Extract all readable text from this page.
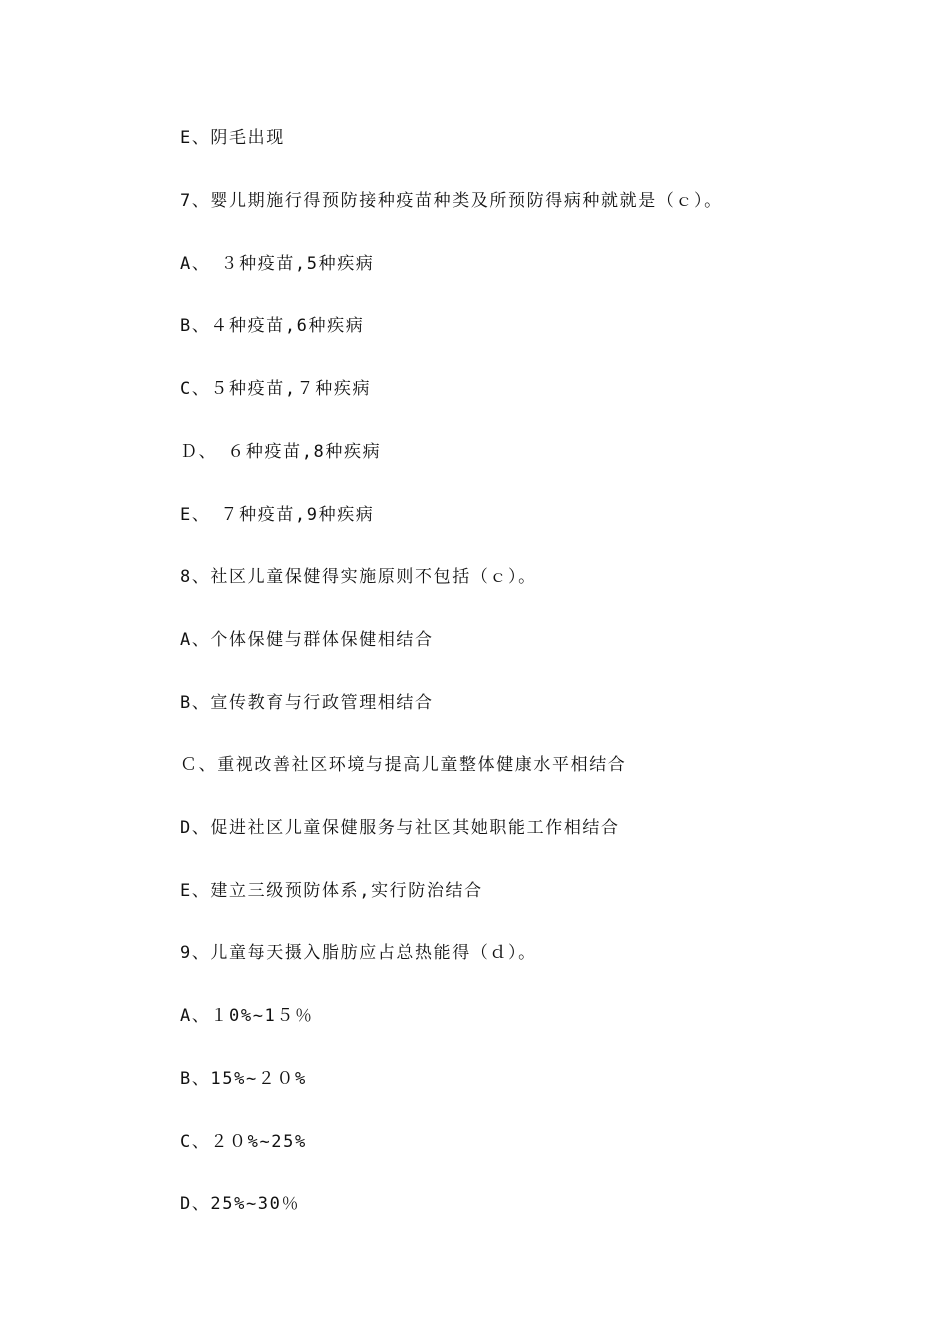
E、阴毛出现
7、婴儿期施行得预防接种疫苗种类及所预防得病种就就是（ｃ）。
A、　３种疫苗,5种疾病
B、４种疫苗,6种疾病
C、５种疫苗,７种疾病
Ｄ、　６种疫苗,8种疾病
E、　７种疫苗,9种疾病
8、社区儿童保健得实施原则不包括（ｃ）。
A、个体保健与群体保健相结合
B、宣传教育与行政管理相结合
Ｃ、重视改善社区环境与提高儿童整体健康水平相结合
D、促进社区儿童保健服务与社区其她职能工作相结合
E、建立三级预防体系,实行防治结合
9、儿童每天摄入脂肪应占总热能得（ｄ）。
A、１0%~1５％
B、15%~２０%
C、２０%~25%
D、25%~30％
